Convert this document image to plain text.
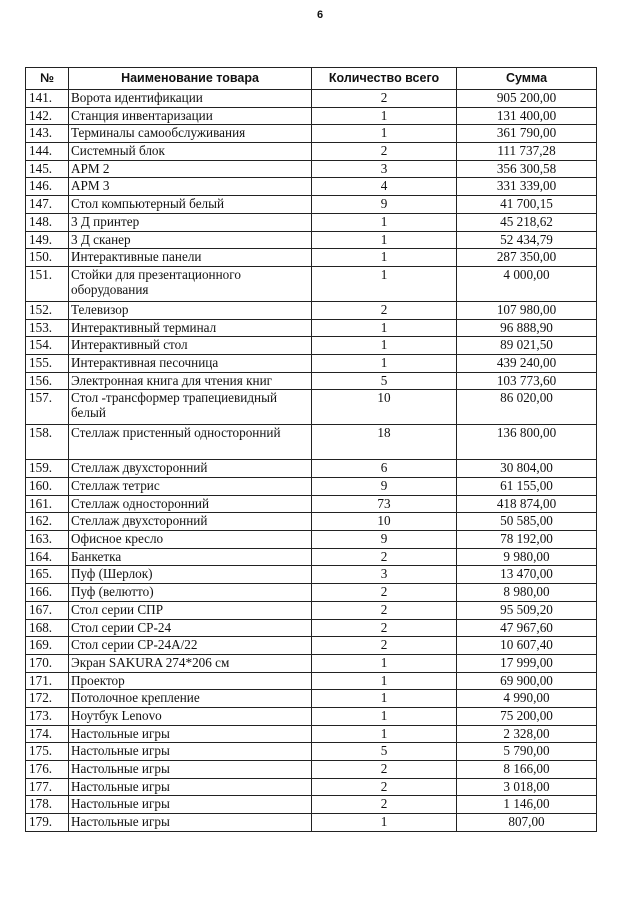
6
№	Наименование товара	Количество всего	Сумма
141.	Ворота идентификации	2	905 200,00
142.	Станция инвентаризации	1	131 400,00
143.	Терминалы самообслуживания	1	361 790,00
144.	Системный блок	2	111 737,28
145.	АРМ 2	3	356 300,58
146.	АРМ 3	4	331 339,00
147.	Стол компьютерный белый	9	41 700,15
148.	3 Д принтер	1	45 218,62
149.	3 Д сканер	1	52 434,79
150.	Интерактивные панели	1	287 350,00
151.	Стойки для презентационного оборудования	1	4 000,00
152.	Телевизор	2	107 980,00
153.	Интерактивный терминал	1	96 888,90
154.	Интерактивный стол	1	89 021,50
155.	Интерактивная песочница	1	439 240,00
156.	Электронная книга для чтения книг	5	103 773,60
157.	Стол -трансформер трапециевидный белый	10	86 020,00
158.	Стеллаж пристенный односторонний	18	136 800,00
159.	Стеллаж двухсторонний	6	30 804,00
160.	Стеллаж тетрис	9	61 155,00
161.	Стеллаж односторонний	73	418 874,00
162.	Стеллаж двухсторонний	10	50 585,00
163.	Офисное кресло	9	78 192,00
164.	Банкетка	2	9 980,00
165.	Пуф (Шерлок)	3	13 470,00
166.	Пуф (велютто)	2	8 980,00
167.	Стол серии СПР	2	95 509,20
168.	Стол серии СР-24	2	47 967,60
169.	Стол серии СР-24А/22	2	10 607,40
170.	Экран SAKURA 274*206 см	1	17 999,00
171.	Проектор	1	69 900,00
172.	Потолочное крепление	1	4 990,00
173.	Ноутбук Lenovo	1	75 200,00
174.	Настольные игры	1	2 328,00
175.	Настольные игры	5	5 790,00
176.	Настольные игры	2	8 166,00
177.	Настольные игры	2	3 018,00
178.	Настольные игры	2	1 146,00
179.	Настольные игры	1	807,00
